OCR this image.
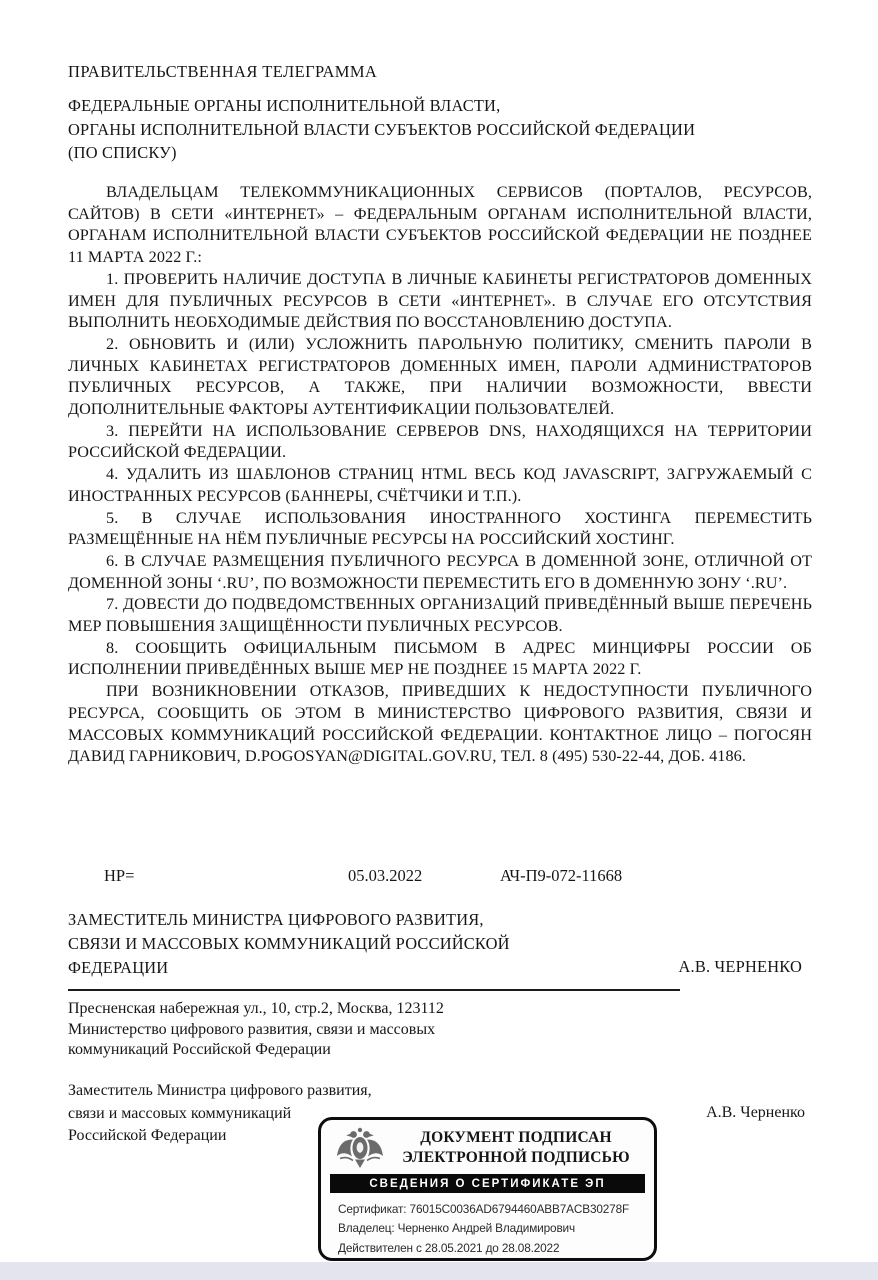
ПРАВИТЕЛЬСТВЕННАЯ ТЕЛЕГРАММА
ФЕДЕРАЛЬНЫЕ ОРГАНЫ ИСПОЛНИТЕЛЬНОЙ ВЛАСТИ,
ОРГАНЫ ИСПОЛНИТЕЛЬНОЙ ВЛАСТИ СУБЪЕКТОВ РОССИЙСКОЙ ФЕДЕРАЦИИ
(ПО СПИСКУ)

ВЛАДЕЛЬЦАМ ТЕЛЕКОММУНИКАЦИОННЫХ СЕРВИСОВ (ПОРТАЛОВ, РЕСУРСОВ, САЙТОВ) В СЕТИ «ИНТЕРНЕТ» – ФЕДЕРАЛЬНЫМ ОРГАНАМ ИСПОЛНИТЕЛЬНОЙ ВЛАСТИ, ОРГАНАМ ИСПОЛНИТЕЛЬНОЙ ВЛАСТИ СУБЪЕКТОВ РОССИЙСКОЙ ФЕДЕРАЦИИ НЕ ПОЗДНЕЕ 11 МАРТА 2022 Г.:

1. ПРОВЕРИТЬ НАЛИЧИЕ ДОСТУПА В ЛИЧНЫЕ КАБИНЕТЫ РЕГИСТРАТОРОВ ДОМЕННЫХ ИМЕН ДЛЯ ПУБЛИЧНЫХ РЕСУРСОВ В СЕТИ «ИНТЕРНЕТ». В СЛУЧАЕ ЕГО ОТСУТСТВИЯ ВЫПОЛНИТЬ НЕОБХОДИМЫЕ ДЕЙСТВИЯ ПО ВОССТАНОВЛЕНИЮ ДОСТУПА.

2. ОБНОВИТЬ И (ИЛИ) УСЛОЖНИТЬ ПАРОЛЬНУЮ ПОЛИТИКУ, СМЕНИТЬ ПАРОЛИ В ЛИЧНЫХ КАБИНЕТАХ РЕГИСТРАТОРОВ ДОМЕННЫХ ИМЕН, ПАРОЛИ АДМИНИСТРАТОРОВ ПУБЛИЧНЫХ РЕСУРСОВ, А ТАКЖЕ, ПРИ НАЛИЧИИ ВОЗМОЖНОСТИ, ВВЕСТИ ДОПОЛНИТЕЛЬНЫЕ ФАКТОРЫ АУТЕНТИФИКАЦИИ ПОЛЬЗОВАТЕЛЕЙ.

3. ПЕРЕЙТИ НА ИСПОЛЬЗОВАНИЕ СЕРВЕРОВ DNS, НАХОДЯЩИХСЯ НА ТЕРРИТОРИИ РОССИЙСКОЙ ФЕДЕРАЦИИ.

4. УДАЛИТЬ ИЗ ШАБЛОНОВ СТРАНИЦ HTML ВЕСЬ КОД JAVASCRIPT, ЗАГРУЖАЕМЫЙ С ИНОСТРАННЫХ РЕСУРСОВ (БАННЕРЫ, СЧЁТЧИКИ И Т.П.).

5. В СЛУЧАЕ ИСПОЛЬЗОВАНИЯ ИНОСТРАННОГО ХОСТИНГА ПЕРЕМЕСТИТЬ РАЗМЕЩЁННЫЕ НА НЁМ ПУБЛИЧНЫЕ РЕСУРСЫ НА РОССИЙСКИЙ ХОСТИНГ.

6. В СЛУЧАЕ РАЗМЕЩЕНИЯ ПУБЛИЧНОГО РЕСУРСА В ДОМЕННОЙ ЗОНЕ, ОТЛИЧНОЙ ОТ ДОМЕННОЙ ЗОНЫ ‘.RU’, ПО ВОЗМОЖНОСТИ ПЕРЕМЕСТИТЬ ЕГО В ДОМЕННУЮ ЗОНУ ‘.RU’.

7. ДОВЕСТИ ДО ПОДВЕДОМСТВЕННЫХ ОРГАНИЗАЦИЙ ПРИВЕДЁННЫЙ ВЫШЕ ПЕРЕЧЕНЬ МЕР ПОВЫШЕНИЯ ЗАЩИЩЁННОСТИ ПУБЛИЧНЫХ РЕСУРСОВ.

8. СООБЩИТЬ ОФИЦИАЛЬНЫМ ПИСЬМОМ В АДРЕС МИНЦИФРЫ РОССИИ ОБ ИСПОЛНЕНИИ ПРИВЕДЁННЫХ ВЫШЕ МЕР НЕ ПОЗДНЕЕ 15 МАРТА 2022 Г.

ПРИ ВОЗНИКНОВЕНИИ ОТКАЗОВ, ПРИВЕДШИХ К НЕДОСТУПНОСТИ ПУБЛИЧНОГО РЕСУРСА, СООБЩИТЬ ОБ ЭТОМ В МИНИСТЕРСТВО ЦИФРОВОГО РАЗВИТИЯ, СВЯЗИ И МАССОВЫХ КОММУНИКАЦИЙ РОССИЙСКОЙ ФЕДЕРАЦИИ. КОНТАКТНОЕ ЛИЦО – ПОГОСЯН ДАВИД ГАРНИКОВИЧ, D.POGOSYAN@DIGITAL.GOV.RU, ТЕЛ. 8 (495) 530-22-44, ДОБ. 4186.

НР=	05.03.2022	АЧ-П9-072-11668
ЗАМЕСТИТЕЛЬ МИНИСТРА ЦИФРОВОГО РАЗВИТИЯ,
СВЯЗИ И МАССОВЫХ КОММУНИКАЦИЙ РОССИЙСКОЙ
ФЕДЕРАЦИИ	А.В. ЧЕРНЕНКО
Пресненская набережная ул., 10, стр.2, Москва, 123112
Министерство цифрового развития, связи и массовых
коммуникаций Российской Федерации
Заместитель Министра цифрового развития,
связи и массовых коммуникаций
Российской Федерации
А.В. Черненко
ДОКУМЕНТ ПОДПИСАН
ЭЛЕКТРОННОЙ ПОДПИСЬЮ
СВЕДЕНИЯ О СЕРТИФИКАТЕ ЭП
Сертификат: 76015C0036AD6794460ABB7ACB30278F
Владелец: Черненко Андрей Владимирович
Действителен с 28.05.2021 до 28.08.2022
